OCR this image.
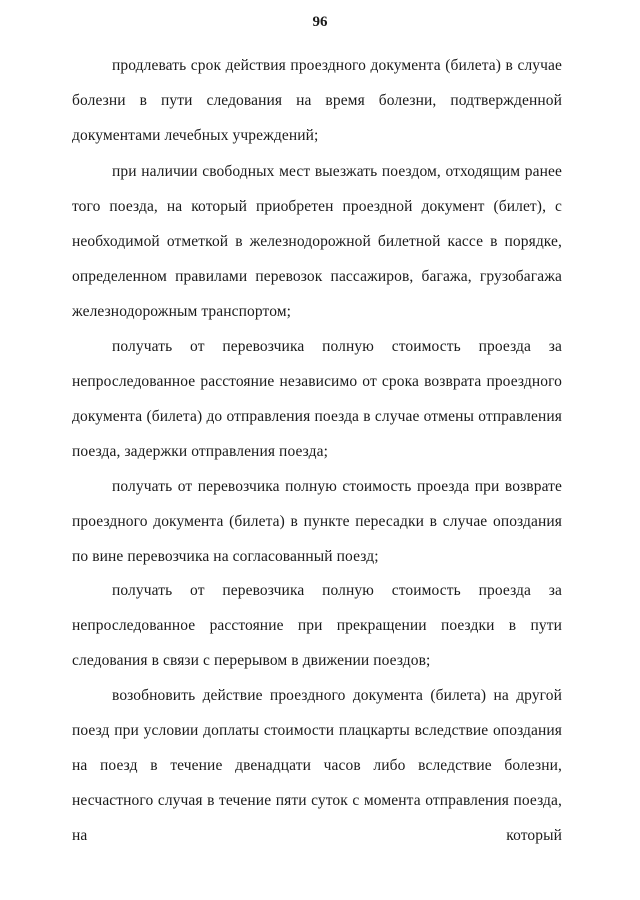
96

продлевать срок действия проездного документа (билета) в случае болезни в пути следования на время болезни, подтвержденной документами лечебных учреждений;

при наличии свободных мест выезжать поездом, отходящим ранее того поезда, на который приобретен проездной документ (билет), с необходимой отметкой в железнодорожной билетной кассе в порядке, определенном правилами перевозок пассажиров, багажа, грузобагажа железнодорожным транспортом;

получать от перевозчика полную стоимость проезда за непроследованное расстояние независимо от срока возврата проездного документа (билета) до отправления поезда в случае отмены отправления поезда, задержки отправления поезда;

получать от перевозчика полную стоимость проезда при возврате проездного документа (билета) в пункте пересадки в случае опоздания по вине перевозчика на согласованный поезд;

получать от перевозчика полную стоимость проезда за непроследованное расстояние при прекращении поездки в пути следования в связи с перерывом в движении поездов;

возобновить действие проездного документа (билета) на другой поезд при условии доплаты стоимости плацкарты вследствие опоздания на поезд в течение двенадцати часов либо вследствие болезни, несчастного случая в течение пяти суток с момента отправления поезда, на который
